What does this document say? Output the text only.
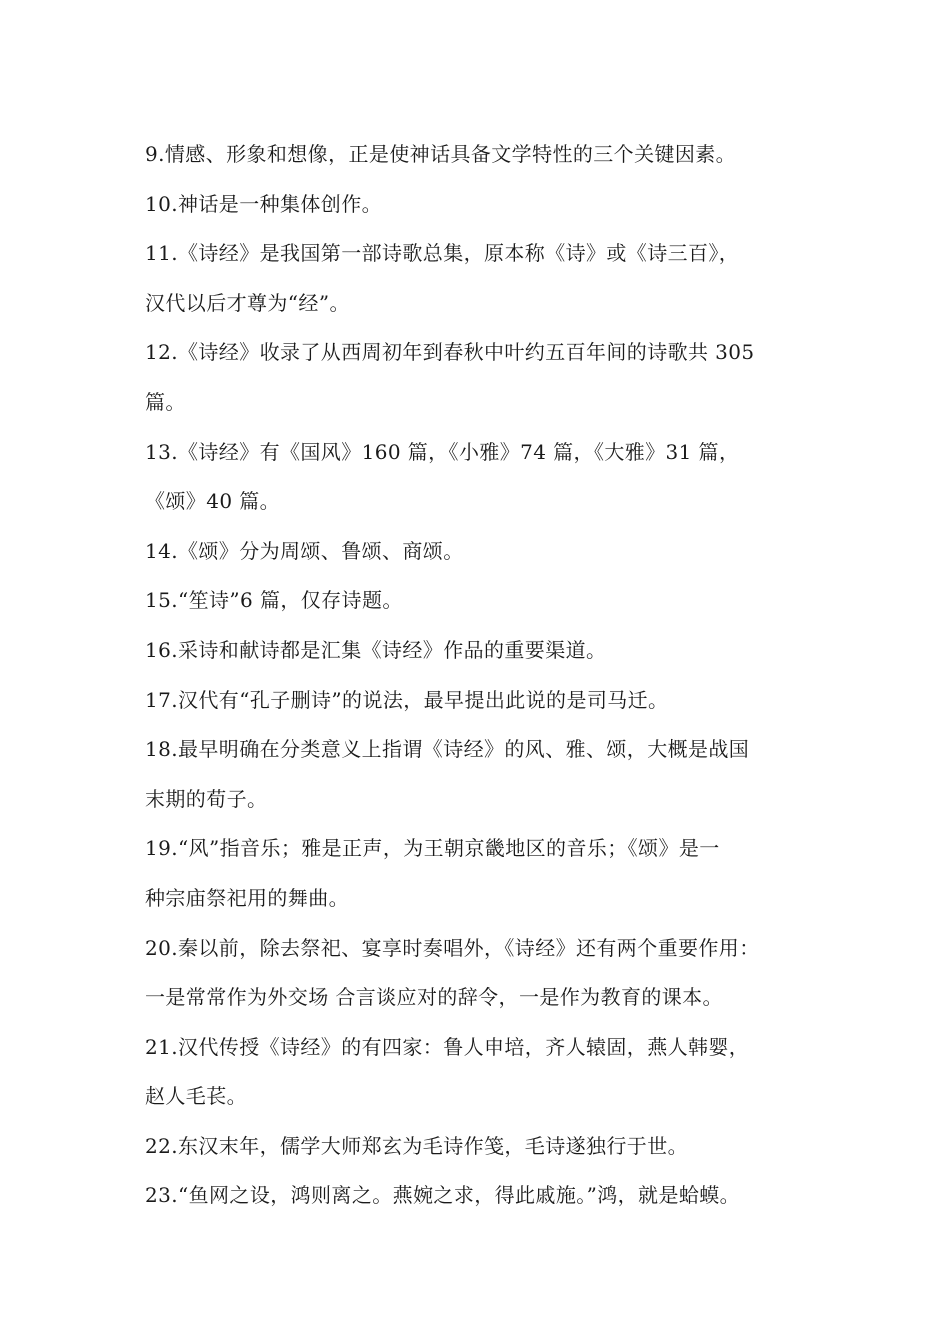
9.情感、形象和想像，正是使神话具备文学特性的三个关键因素。
10.神话是一种集体创作。
11.《诗经》是我国第一部诗歌总集，原本称《诗》或《诗三百》，
汉代以后才尊为“经”。
12.《诗经》收录了从西周初年到春秋中叶约五百年间的诗歌共 305
篇。
13.《诗经》有《国风》160 篇，《小雅》74 篇，《大雅》31 篇，
《颂》40 篇。
14.《颂》分为周颂、鲁颂、商颂。
15.“笙诗”6 篇，仅存诗题。
16.采诗和献诗都是汇集《诗经》作品的重要渠道。
17.汉代有“孔子删诗”的说法，最早提出此说的是司马迁。
18.最早明确在分类意义上指谓《诗经》的风、雅、颂，大概是战国
末期的荀子。
19.“风”指音乐；雅是正声，为王朝京畿地区的音乐；《颂》是一
种宗庙祭祀用的舞曲。
20.秦以前，除去祭祀、宴享时奏唱外，《诗经》还有两个重要作用：
一是常常作为外交场 合言谈应对的辞令，一是作为教育的课本。
21.汉代传授《诗经》的有四家：鲁人申培，齐人辕固，燕人韩婴，
赵人毛苌。
22.东汉末年，儒学大师郑玄为毛诗作笺，毛诗遂独行于世。
23.“鱼网之设，鸿则离之。燕婉之求，得此戚施。”鸿，就是蛤蟆。
